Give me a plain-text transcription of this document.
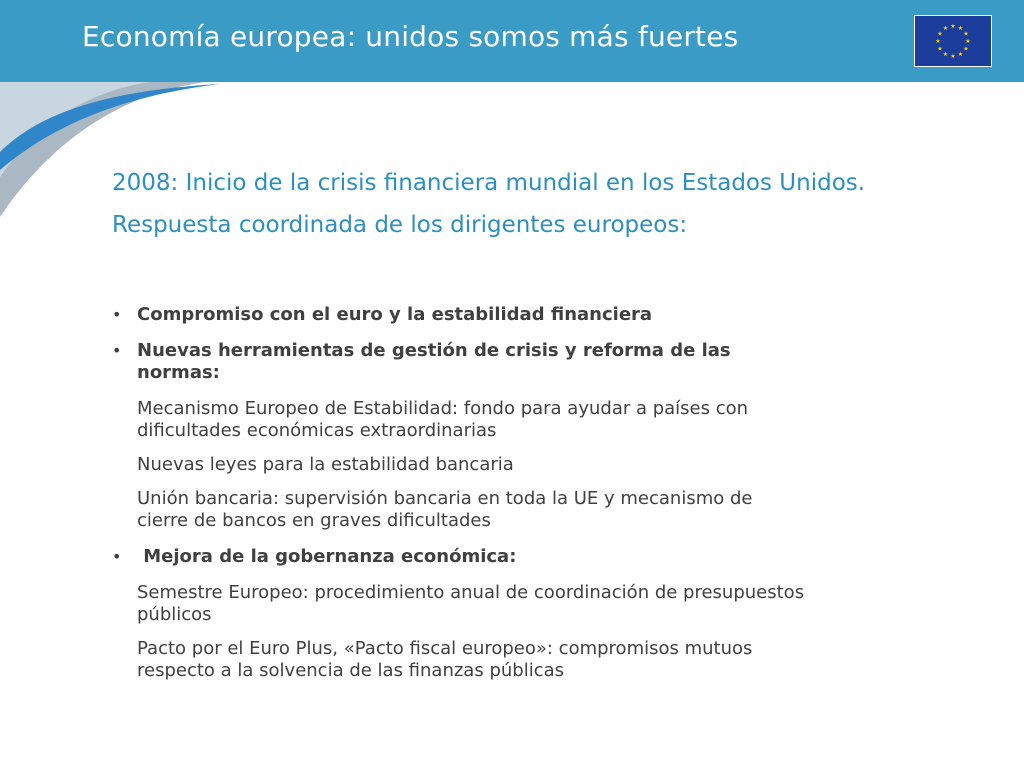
Economía europea: unidos somos más fuertes	★ ★
★
★
★
★
★
★
★
★
★
★
2008: Inicio de la crisis financiera mundial en los Estados Unidos.
Respuesta coordinada de los dirigentes europeos:
• Compromiso con el euro y la estabilidad financiera
• Nuevas herramientas de gestión de crisis y reforma de las
normas:
Mecanismo Europeo de Estabilidad: fondo para ayudar a países con
dificultades económicas extraordinarias
Nuevas leyes para la estabilidad bancaria
Unión bancaria: supervisión bancaria en toda la UE y mecanismo de
cierre de bancos en graves dificultades
• Mejora de la gobernanza económica:
Semestre Europeo: procedimiento anual de coordinación de presupuestos
públicos
Pacto por el Euro Plus, «Pacto fiscal europeo»: compromisos mutuos
respecto a la solvencia de las finanzas públicas
